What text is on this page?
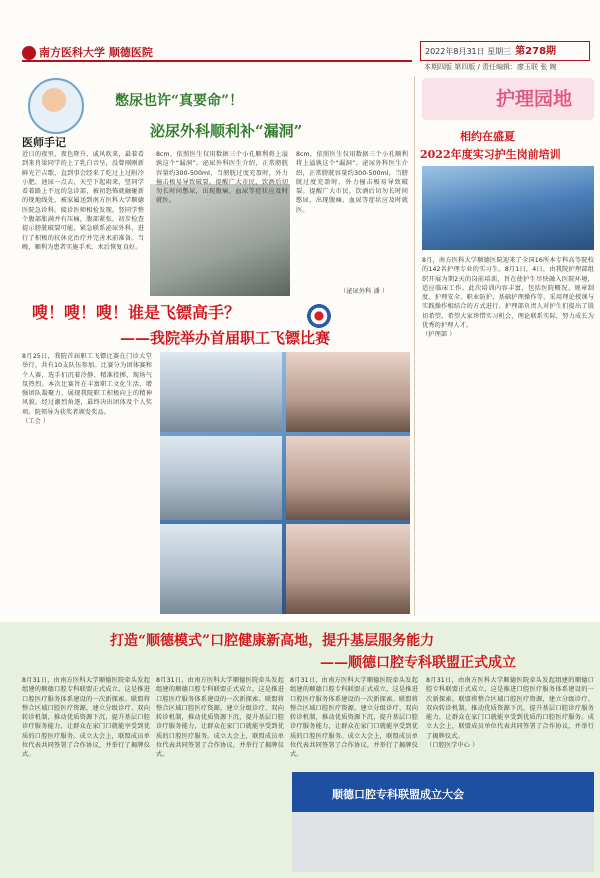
南方医科大学 顺德医院	2022年8月31日 星期三 第278期
本期四版 第四版 / 责任编辑：廖玉联 张 婉
医师手记
憋尿也许“真要命”！
泌尿外科顺利补“漏洞”
近日的夜里，夜色降升，戚风吹来，最着看到来肖梁同学的上了乳白音呈，没曾刚刚新鲜光芒吉歌，直到事会经来了吃过上过附冷小肥，池尿一点去，天空下起雨来，竖同学看着路上不远的急诊部，被初恐怖就触碰新的现地线处，被家属送到南方医科大学顺德医院急诊科。接诊医师相检发现，竖同学整个腹部胀满并有压痛，腹部紧张，初步检查提示膀胱破裂可能，紧急联系泌尿外科，进行了积极的抗休克治疗并完善术前准备。当晚，顺利为患者实施手术，术后恢复良好。
8cm，依照医生仅用数据三个小孔顺利将上溢孰这个“漏洞”。泌尿外科医生介绍，正常膀胱容量约300-500ml，当膀胱过度充盈时，外力撞击极易导致破裂。提醒广大市民，饮酒后切勿长时间憋尿，出现腹痛、血尿等症状应及时就医。
8cm，依照医生仅用数据三个小孔顺利将上溢孰这个“漏洞”。泌尿外科医生介绍，正常膀胱容量约300-500ml，当膀胱过度充盈时，外力撞击极易导致破裂。提醒广大市民，饮酒后切勿长时间憋尿，出现腹痛、血尿等症状应及时就医。
（泌尿外科 潘 ）
嗖！嗖！嗖！谁是飞镖高手？
——我院举办首届职工飞镖比赛
8月25日，我院首届职工飞镖比赛在门诊大堂举行，共有10支队伍参加。比赛分为团体赛和个人赛，选手们沉着冷静、精准投掷，现场气氛热烈。本次比赛旨在丰富职工文化生活，增强团队凝聚力，展现我院职工积极向上的精神风貌。经过激烈角逐，最终决出团体及个人奖项。院领导为获奖者颁发奖品。
（工会 ）
护理园地
相约在盛夏
2022年度实习护生岗前培训
8月，南方医科大学顺德医院迎来了全国16所本专科高等院校的142名护理专业的实习生。8月1日，4日，由我院护理部组织开展为期2天的岗前培训，旨在使护生尽快融入医院环境，适应临床工作。此次培训内容丰富，包括医院概况、规章制度、护理安全、职业防护、基础护理操作等，采用理论授课与实践操作相结合的方式进行。护理部负责人对护生们提出了殷切希望，希望大家珍惜实习机会，理论联系实际，努力成长为优秀的护理人才。
（护理部 ）
打造“顺德模式”口腔健康新高地，提升基层服务能力
——顺德口腔专科联盟正式成立
8月31日，由南方医科大学顺德医院牵头发起组建的顺德口腔专科联盟正式成立，这是推进口腔医疗服务体系建设的一次新探索。联盟将整合区域口腔医疗资源，建立分级诊疗、双向转诊机制，推动优质资源下沉，提升基层口腔诊疗服务能力，让群众在家门口就能享受到优质的口腔医疗服务。成立大会上，联盟成员单位代表共同签署了合作协议，并举行了揭牌仪式。
8月31日，由南方医科大学顺德医院牵头发起组建的顺德口腔专科联盟正式成立，这是推进口腔医疗服务体系建设的一次新探索。联盟将整合区域口腔医疗资源，建立分级诊疗、双向转诊机制，推动优质资源下沉，提升基层口腔诊疗服务能力，让群众在家门口就能享受到优质的口腔医疗服务。成立大会上，联盟成员单位代表共同签署了合作协议，并举行了揭牌仪式。
8月31日，由南方医科大学顺德医院牵头发起组建的顺德口腔专科联盟正式成立，这是推进口腔医疗服务体系建设的一次新探索。联盟将整合区域口腔医疗资源，建立分级诊疗、双向转诊机制，推动优质资源下沉，提升基层口腔诊疗服务能力，让群众在家门口就能享受到优质的口腔医疗服务。成立大会上，联盟成员单位代表共同签署了合作协议，并举行了揭牌仪式。
8月31日，由南方医科大学顺德医院牵头发起组建的顺德口腔专科联盟正式成立，这是推进口腔医疗服务体系建设的一次新探索。联盟将整合区域口腔医疗资源，建立分级诊疗、双向转诊机制，推动优质资源下沉，提升基层口腔诊疗服务能力，让群众在家门口就能享受到优质的口腔医疗服务。成立大会上，联盟成员单位代表共同签署了合作协议，并举行了揭牌仪式。
（口腔医学中心 ）
顺德口腔专科联盟成立大会
